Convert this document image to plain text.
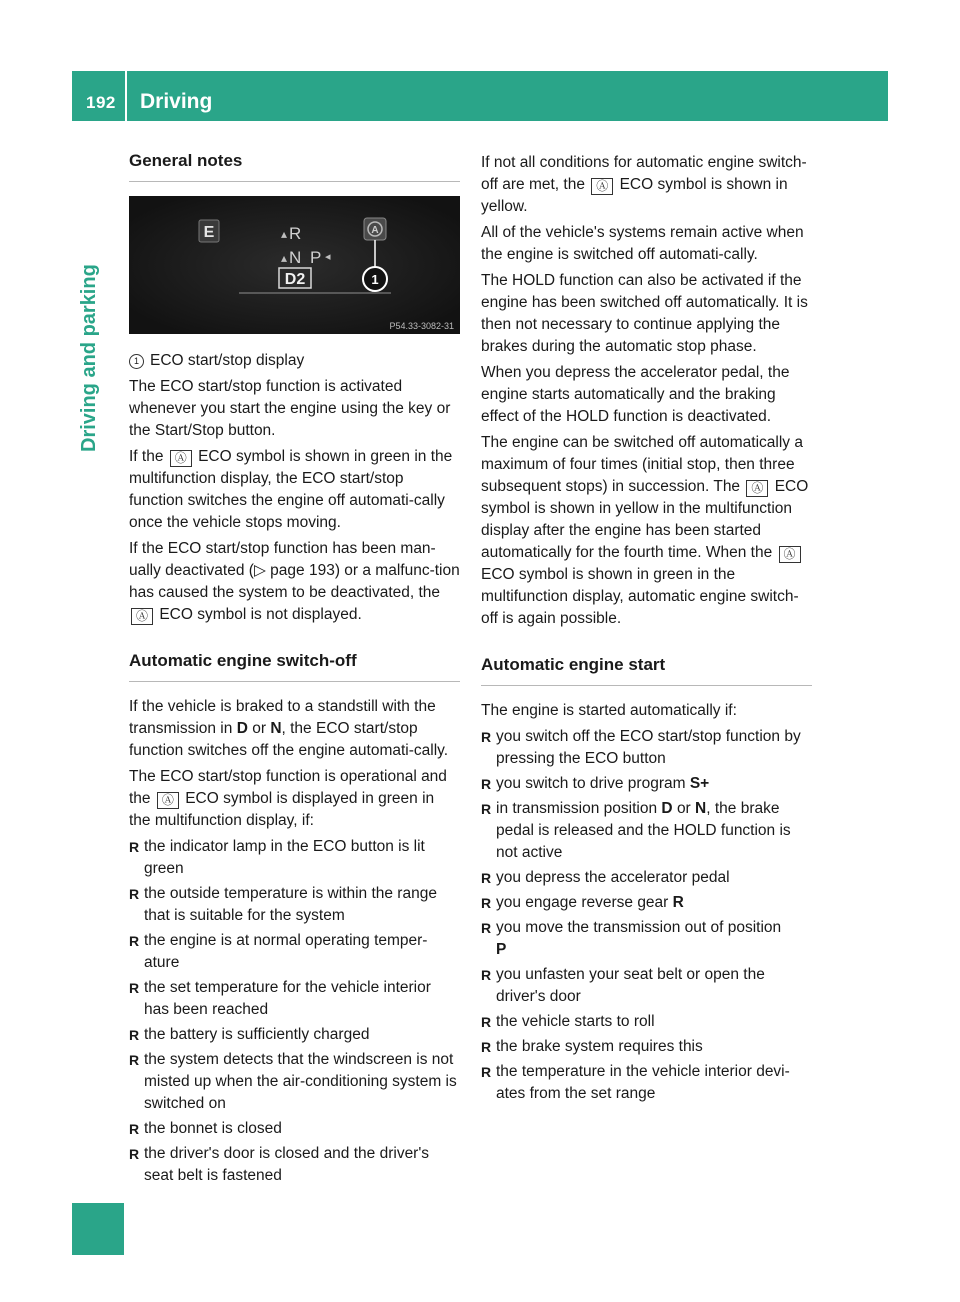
192 Driving
Driving and parking
General notes
E	▴ R
▴ N P ◂
D2
A
1
P54.33-3082-31

1 ECO start/stop display

The ECO start/stop function is activated whenever you start the engine using the key or the Start/Stop button.

If the Ⓐ ECO symbol is shown in green in the multifunction display, the ECO start/stop function switches the engine off automati-cally once the vehicle stops moving.

If the ECO start/stop function has been man-ually deactivated (▷ page 193) or a malfunc-tion has caused the system to be deactivated, the Ⓐ ECO symbol is not displayed.

Automatic engine switch-off

If the vehicle is braked to a standstill with the transmission in D or N, the ECO start/stop function switches off the engine automati-cally.

The ECO start/stop function is operational and the Ⓐ ECO symbol is displayed in green in the multifunction display, if:

R the indicator lamp in the ECO button is lit green
R the outside temperature is within the range that is suitable for the system
R the engine is at normal operating temper-ature
R the set temperature for the vehicle interior has been reached
R the battery is sufficiently charged
R the system detects that the windscreen is not misted up when the air-conditioning system is switched on
R the bonnet is closed
R the driver's door is closed and the driver's seat belt is fastened

If not all conditions for automatic engine switch-off are met, the Ⓐ ECO symbol is shown in yellow.

All of the vehicle's systems remain active when the engine is switched off automati-cally.

The HOLD function can also be activated if the engine has been switched off automatically. It is then not necessary to continue applying the brakes during the automatic stop phase.

When you depress the accelerator pedal, the engine starts automatically and the braking effect of the HOLD function is deactivated.

The engine can be switched off automatically a maximum of four times (initial stop, then three subsequent stops) in succession. The Ⓐ ECO symbol is shown in yellow in the multifunction display after the engine has been started automatically for the fourth time. When the Ⓐ ECO symbol is shown in green in the multifunction display, automatic engine switch-off is again possible.

Automatic engine start

The engine is started automatically if:

R you switch off the ECO start/stop function by pressing the ECO button
R you switch to drive program S+
R in transmission position D or N, the brake pedal is released and the HOLD function is not active
R you depress the accelerator pedal
R you engage reverse gear R
R you move the transmission out of position
P
R you unfasten your seat belt or open the driver's door
R the vehicle starts to roll
R the brake system requires this
R the temperature in the vehicle interior devi-ates from the set range
